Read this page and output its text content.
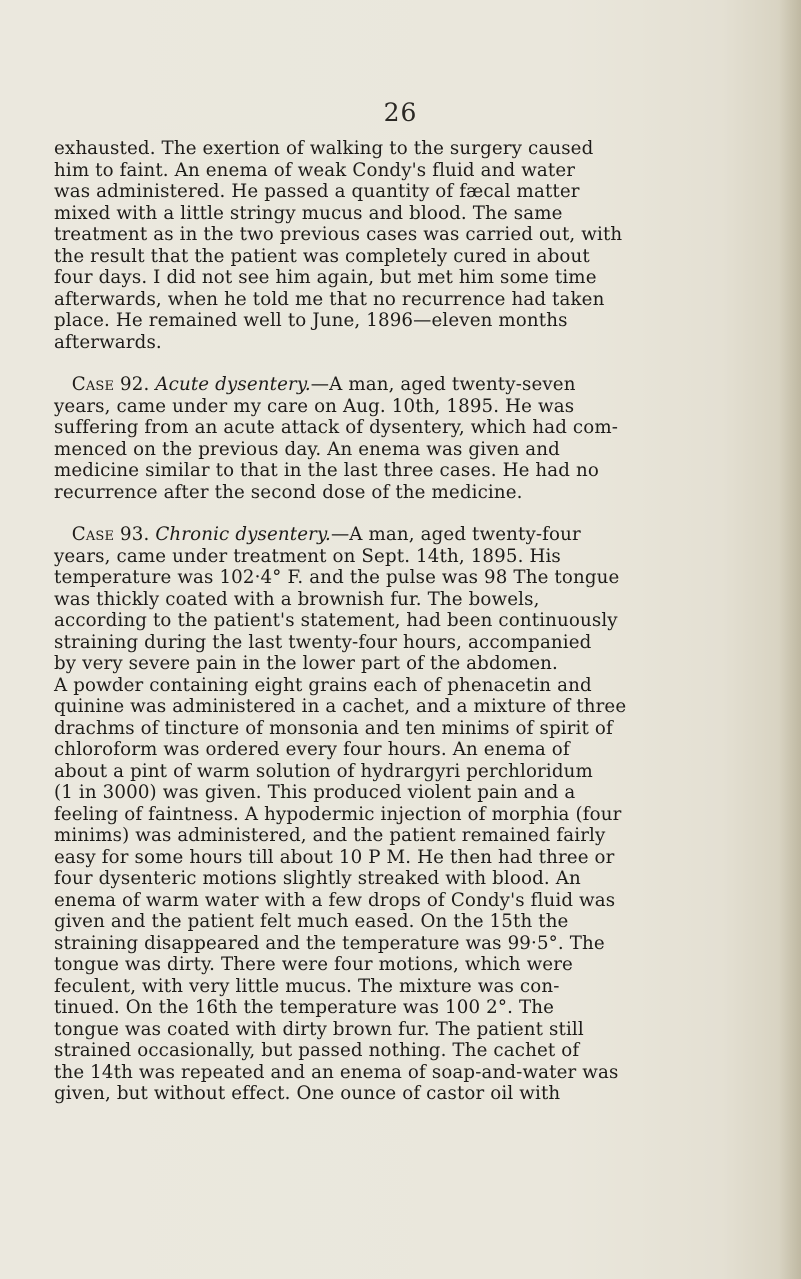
26
exhausted. The exertion of walking to the surgery caused
him to faint. An enema of weak Condy's fluid and water
was administered. He passed a quantity of fæcal matter
mixed with a little stringy mucus and blood. The same
treatment as in the two previous cases was carried out, with
the result that the patient was completely cured in about
four days. I did not see him again, but met him some time
afterwards, when he told me that no recurrence had taken
place. He remained well to June, 1896—eleven months
afterwards.
Case 92. Acute dysentery.—A man, aged twenty-seven
years, came under my care on Aug. 10th, 1895. He was
suffering from an acute attack of dysentery, which had com-
menced on the previous day. An enema was given and
medicine similar to that in the last three cases. He had no
recurrence after the second dose of the medicine.
Case 93. Chronic dysentery.—A man, aged twenty-four
years, came under treatment on Sept. 14th, 1895. His
temperature was 102·4° F. and the pulse was 98 The tongue
was thickly coated with a brownish fur. The bowels,
according to the patient's statement, had been continuously
straining during the last twenty-four hours, accompanied
by very severe pain in the lower part of the abdomen.
A powder containing eight grains each of phenacetin and
quinine was administered in a cachet, and a mixture of three
drachms of tincture of monsonia and ten minims of spirit of
chloroform was ordered every four hours. An enema of
about a pint of warm solution of hydrargyri perchloridum
(1 in 3000) was given. This produced violent pain and a
feeling of faintness. A hypodermic injection of morphia (four
minims) was administered, and the patient remained fairly
easy for some hours till about 10 P M. He then had three or
four dysenteric motions slightly streaked with blood. An
enema of warm water with a few drops of Condy's fluid was
given and the patient felt much eased. On the 15th the
straining disappeared and the temperature was 99·5°. The
tongue was dirty. There were four motions, which were
feculent, with very little mucus. The mixture was con-
tinued. On the 16th the temperature was 100 2°. The
tongue was coated with dirty brown fur. The patient still
strained occasionally, but passed nothing. The cachet of
the 14th was repeated and an enema of soap-and-water was
given, but without effect. One ounce of castor oil with
